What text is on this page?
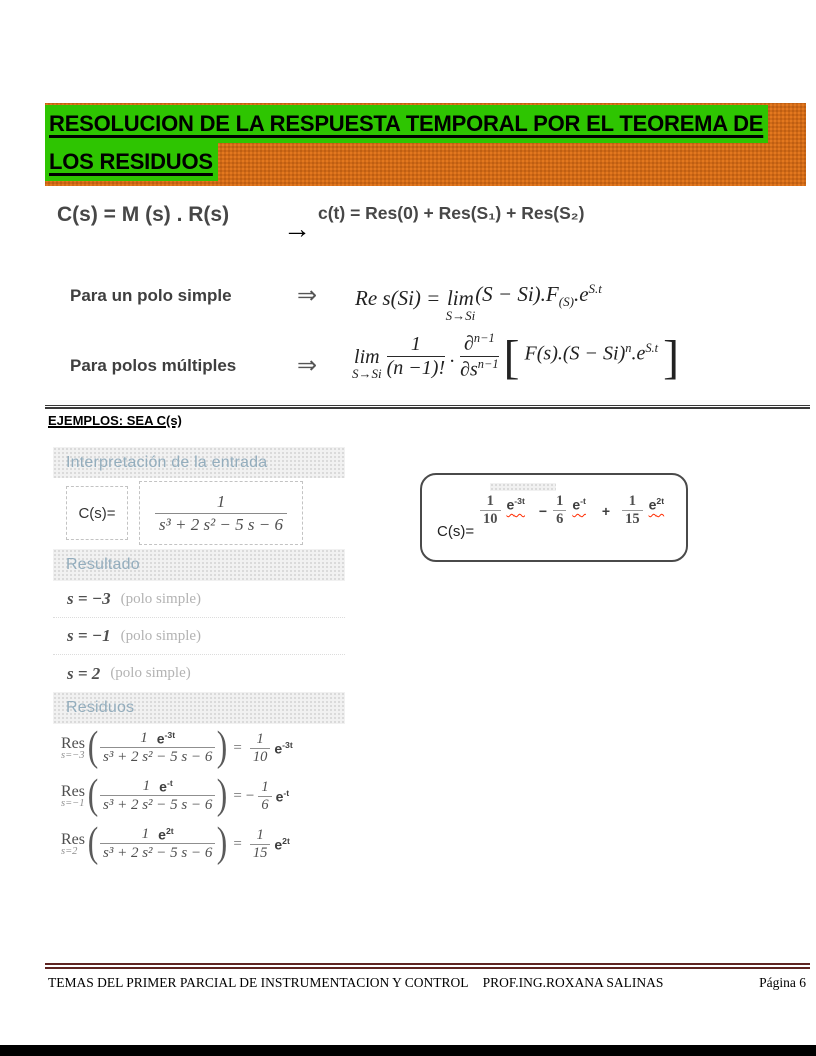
RESOLUCION DE LA RESPUESTA TEMPORAL POR EL TEOREMA DE
LOS RESIDUOS
C(s) = M (s) . R(s) → c(t) = Res(0) + Res(S₁) + Res(S₂)
Para un polo simple	⇒ Re s(Si) =
lim
S→Si
$(S - Si).F_{(S)}.e^{S.t}$
Para polos múltiples	⇒ lim
$S\to Si \frac{1}{(n -1)!}$ . $\frac{\partial^{n-1}}{\partial s^{n-1}}$ [ $F(s).(S - Si)^n.e^{S.t}$ ]
EJEMPLOS: SEA C(s)
Interpretación de la entrada
$C(s)= \frac{1}{\text{s³ + 2 s² − 5 s − 6}}$
Resultado
s = −3 (polo simple)
s = −1 (polo simple)
s = 2 (polo simple)
Residuos
Res
s=−3 ( $\frac{1 e^{-3t}}{\text{s³ + 2 s² − 5 s − 6}}$ ) = $\frac{1}{10} e^{-3t}$
Res
s=−1 ( $\frac{1 e^{-t}}{\text{s³ + 2 s² − 5 s − 6}}$ ) = − $\frac{1}{6} e^{-t}$
Res
s=2 ( $\frac{1 e^{2t}}{\text{s³ + 2 s² − 5 s − 6}}$ ) = $\frac{1}{15} e^{2t}$
C(s)=
$\frac{1}{10} e^{-3t}$
− $\frac{1}{6} e^{-t}$
+ $\frac{1}{15} e^{2t}$
TEMAS DEL PRIMER PARCIAL DE INSTRUMENTACION Y CONTROL PROF.ING.ROXANA SALINAS	Página 6
